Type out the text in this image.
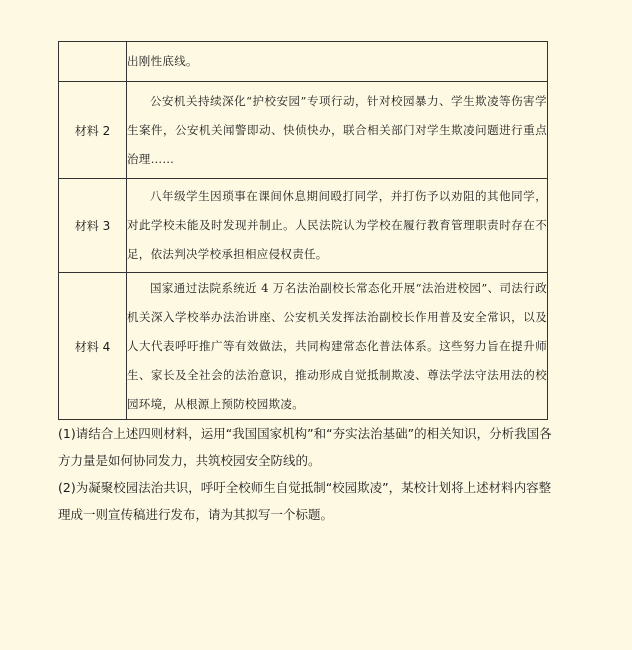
	出刚性底线。

材料 2	公安机关持续深化“护校安园”专项行动，针对校园暴力、学生欺凌等伤害学生案件，公安机关闻警即动、快侦快办，联合相关部门对学生欺凌问题进行重点治理……

材料 3	八年级学生因琐事在课间休息期间殴打同学，并打伤予以劝阻的其他同学，对此学校未能及时发现并制止。人民法院认为学校在履行教育管理职责时存在不足，依法判决学校承担相应侵权责任。

材料 4	国家通过法院系统近 4 万名法治副校长常态化开展“法治进校园”、司法行政机关深入学校举办法治讲座、公安机关发挥法治副校长作用普及安全常识，以及人大代表呼吁推广等有效做法，共同构建常态化普法体系。这些努力旨在提升师生、家长及全社会的法治意识，推动形成自觉抵制欺凌、尊法学法守法用法的校园环境，从根源上预防校园欺凌。

(1)请结合上述四则材料，运用“我国国家机构”和“夯实法治基础”的相关知识，分析我国各方力量是如何协同发力，共筑校园安全防线的。

(2)为凝聚校园法治共识，呼吁全校师生自觉抵制“校园欺凌”，某校计划将上述材料内容整理成一则宣传稿进行发布，请为其拟写一个标题。
